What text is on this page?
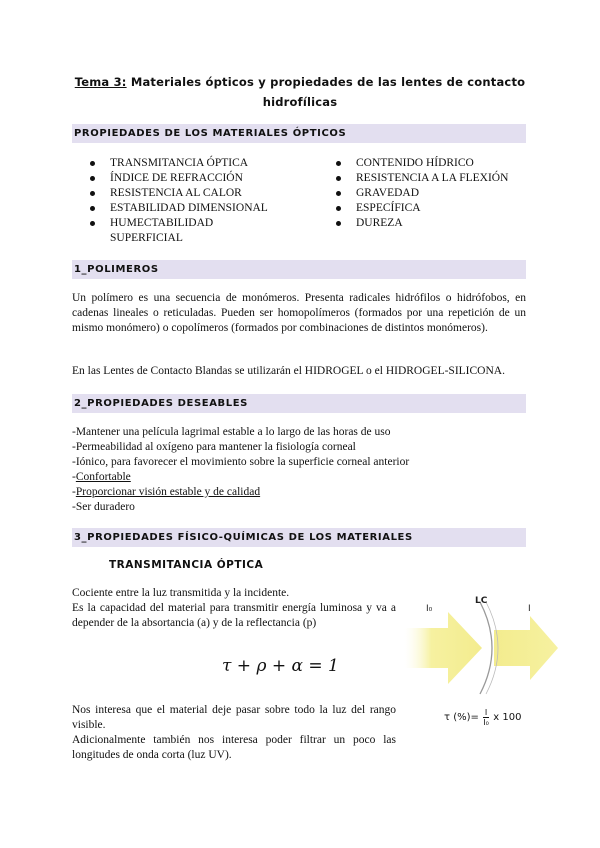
Tema 3: Materiales ópticos y propiedades de las lentes de contacto
hidrofílicas
PROPIEDADES DE LOS MATERIALES ÓPTICOS
TRANSMITANCIA ÓPTICA
ÍNDICE DE REFRACCIÓN
RESISTENCIA AL CALOR
ESTABILIDAD DIMENSIONAL
HUMECTABILIDAD
SUPERFICIAL
CONTENIDO HÍDRICO
RESISTENCIA A LA FLEXIÓN
GRAVEDAD
ESPECÍFICA
DUREZA
1_POLIMEROS
Un polímero es una secuencia de monómeros. Presenta radicales hidrófilos o hidrófobos, en cadenas lineales o reticuladas. Pueden ser homopolímeros (formados por una repetición de un mismo monómero) o copolímeros (formados por combinaciones de distintos monómeros).
En las Lentes de Contacto Blandas se utilizarán el HIDROGEL o el HIDROGEL-SILICONA.
2_PROPIEDADES DESEABLES
-Mantener una película lagrimal estable a lo largo de las horas de uso
-Permeabilidad al oxígeno para mantener la fisiología corneal
-Iónico, para favorecer el movimiento sobre la superficie corneal anterior
-Confortable
-Proporcionar visión estable y de calidad
-Ser duradero
3_PROPIEDADES FÍSICO-QUÍMICAS DE LOS MATERIALES
TRANSMITANCIA ÓPTICA
Cociente entre la luz transmitida y la incidente.
Es la capacidad del material para transmitir energía luminosa y va a depender de la absortancia (a) y de la reflectancia (p)
τ + ρ + α = 1
Nos interesa que el material deje pasar sobre todo la luz del rango visible.
Adicionalmente también nos interesa poder filtrar un poco las longitudes de onda corta (luz UV).
LC
I₀	I
τ (%)= $\frac{I}{\text{I₀}}$ x 100
